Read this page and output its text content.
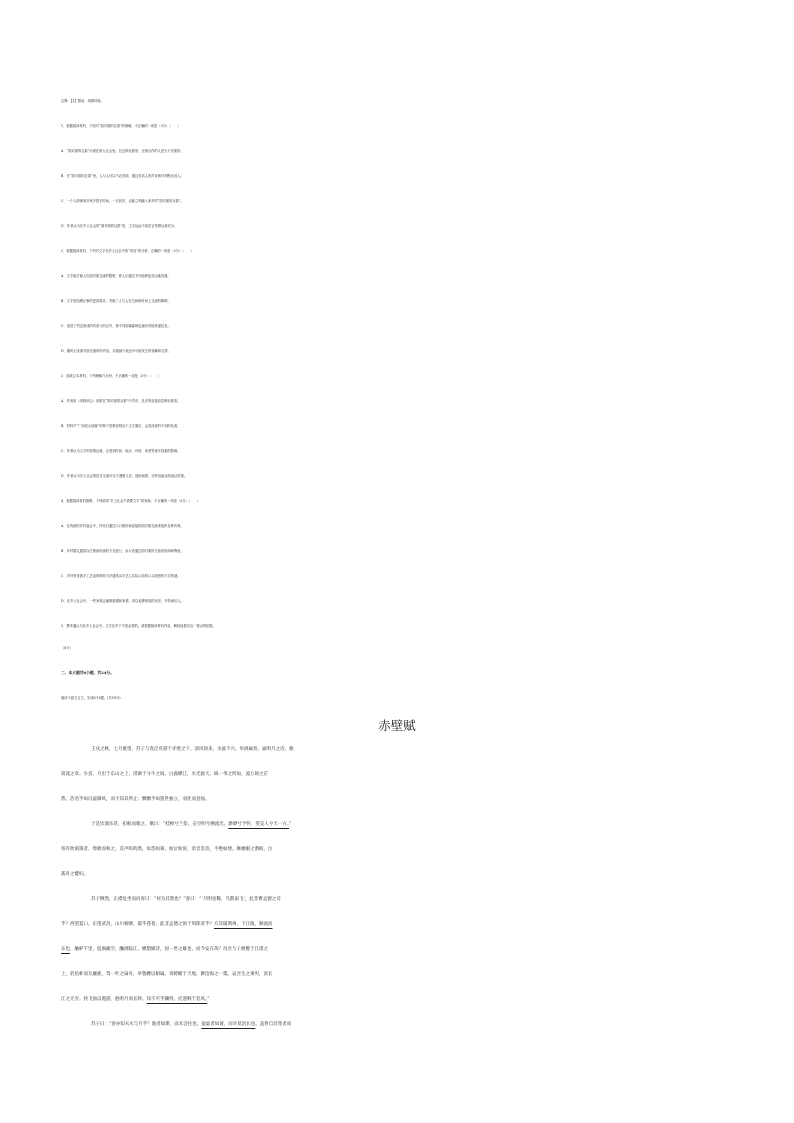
注释：【1】圆局：周围环境。
1．根据阅读材料，下面对“面对面的社群”的理解，不正确的一项是（3分）（　　）
A．“面对面的社群”出现在熟人社会里。在这种社群里，互相合作的人是天天见面的。
B．在“面对面的社群”里，人与人可以不必见面，通过说话人的声音就可判断出其人。
C．一个人即使离开家乡很长时间，一旦回乡，也能立刻融入家乡的“面对面的社群”。
D．作者认为在乡土社会的“面对面的社群”里，文字远远不如语言传情达意充分。
2．根据阅读材料，下列对文字在乡土社会中的“用处”的分析，正确的一项是（3分）（　　）
A．文字能打破人们面对面交流的限制，使人们通过书写能够更灵活地沟通。
B．文字是结绳记事的更高需求，突破了人与人在空间和时间上交流的障碍。
C．创造了约定俗成的有意义的记号，使不同部落能够迅速有效地传递信息。
D．随时记录面对面交流时的内容，以便减少表达中可能发生的误解和走样。
3．阅读文本材料，下列理解与分析，不正确的一项是（3分）（　　）
A．作者用《项脊轩志》说明在“面对面的社群”中声音、足音等直接信息辨识度高。
B．材料中“广西瑶山部落”的例子是要说明由于文字落后，会造成意料不到的危害。
C．作者认为文字的传情达意，会受到时间、地点、环境、读者等诸多因素的影响。
D．作者认为乡土社会的语言交流可以不遵循文法，借助表情、动作也能达到表达效果。
4．根据阅读材料推断，下列说明“乡土社会不需要文字”的现象，不正确的一项是（3分）（　　）
A．在传统的乡村庙会中，村民们通过口口相传和直接的面对面交流来组织各种庆典。
B．乡村婚礼通常以庄重而传统的方式进行，参与者通过面对面的交流来协商和筹备。
C．乡村里传统手工艺品的制作方法通常由手艺人实际示范和口头面授的方式传递。
D．在乡土社会中，一些家族会编制族谱和家谱，用以追溯家族的历史，并传承后人。
5．费孝通认为在乡土社会中，文字在乡下不是必需的。请根据阅读材料内容，概括他提出这一观点的依据。
（6分）
二、本大题共6小题，共24分。
阅读下面文言文，完成6-10题。(共18分)
赤壁赋
壬戌之秋，七月既望，苏子与客泛舟游于赤壁之下。清风徐来，水波不兴。举酒属客，诵明月之诗，歌
窈窕之章。少焉，月出于东山之上，徘徊于斗牛之间。白露横江，水光接天。纵一苇之所如，凌万顷之茫
然。浩浩乎如冯虚御风，而不知其所止；飘飘乎如遗世独立，羽化而登仙。
于是饮酒乐甚，扣舷而歌之。歌曰：“桂棹兮兰桨，击空明兮溯流光。渺渺兮予怀，望美人兮天一方。”
客有吹洞箫者，倚歌而和之。其声呜呜然，如怨如慕，如泣如诉，余音袅袅，不绝如缕。舞幽壑之潜蛟，泣
孤舟之嫠妇。
苏子愀然，正襟危坐而问客曰：“何为其然也？”客曰：“‘月明星稀，乌鹊南飞’，此非曹孟德之诗
乎？西望夏口，东望武昌，山川相缪，郁乎苍苍，此非孟德之困于周郎者乎？方其破荆州，下江陵，顺流而
东也，舳舻千里，旌旗蔽空，酾酒临江，横槊赋诗，固一世之雄也，而今安在哉？况吾与子渔樵于江渚之
上，侣鱼虾而友麋鹿，驾一叶之扁舟，举匏樽以相属。寄蜉蝣于天地，渺沧海之一粟。哀吾生之须臾，羡长
江之无穷。挟飞仙以遨游，抱明月而长终。知不可乎骤得，托遗响于悲风。”
苏子曰：“客亦知夫水与月乎？逝者如斯，而未尝往也；盈虚者如彼，而卒莫消长也。盖将自其变者而
